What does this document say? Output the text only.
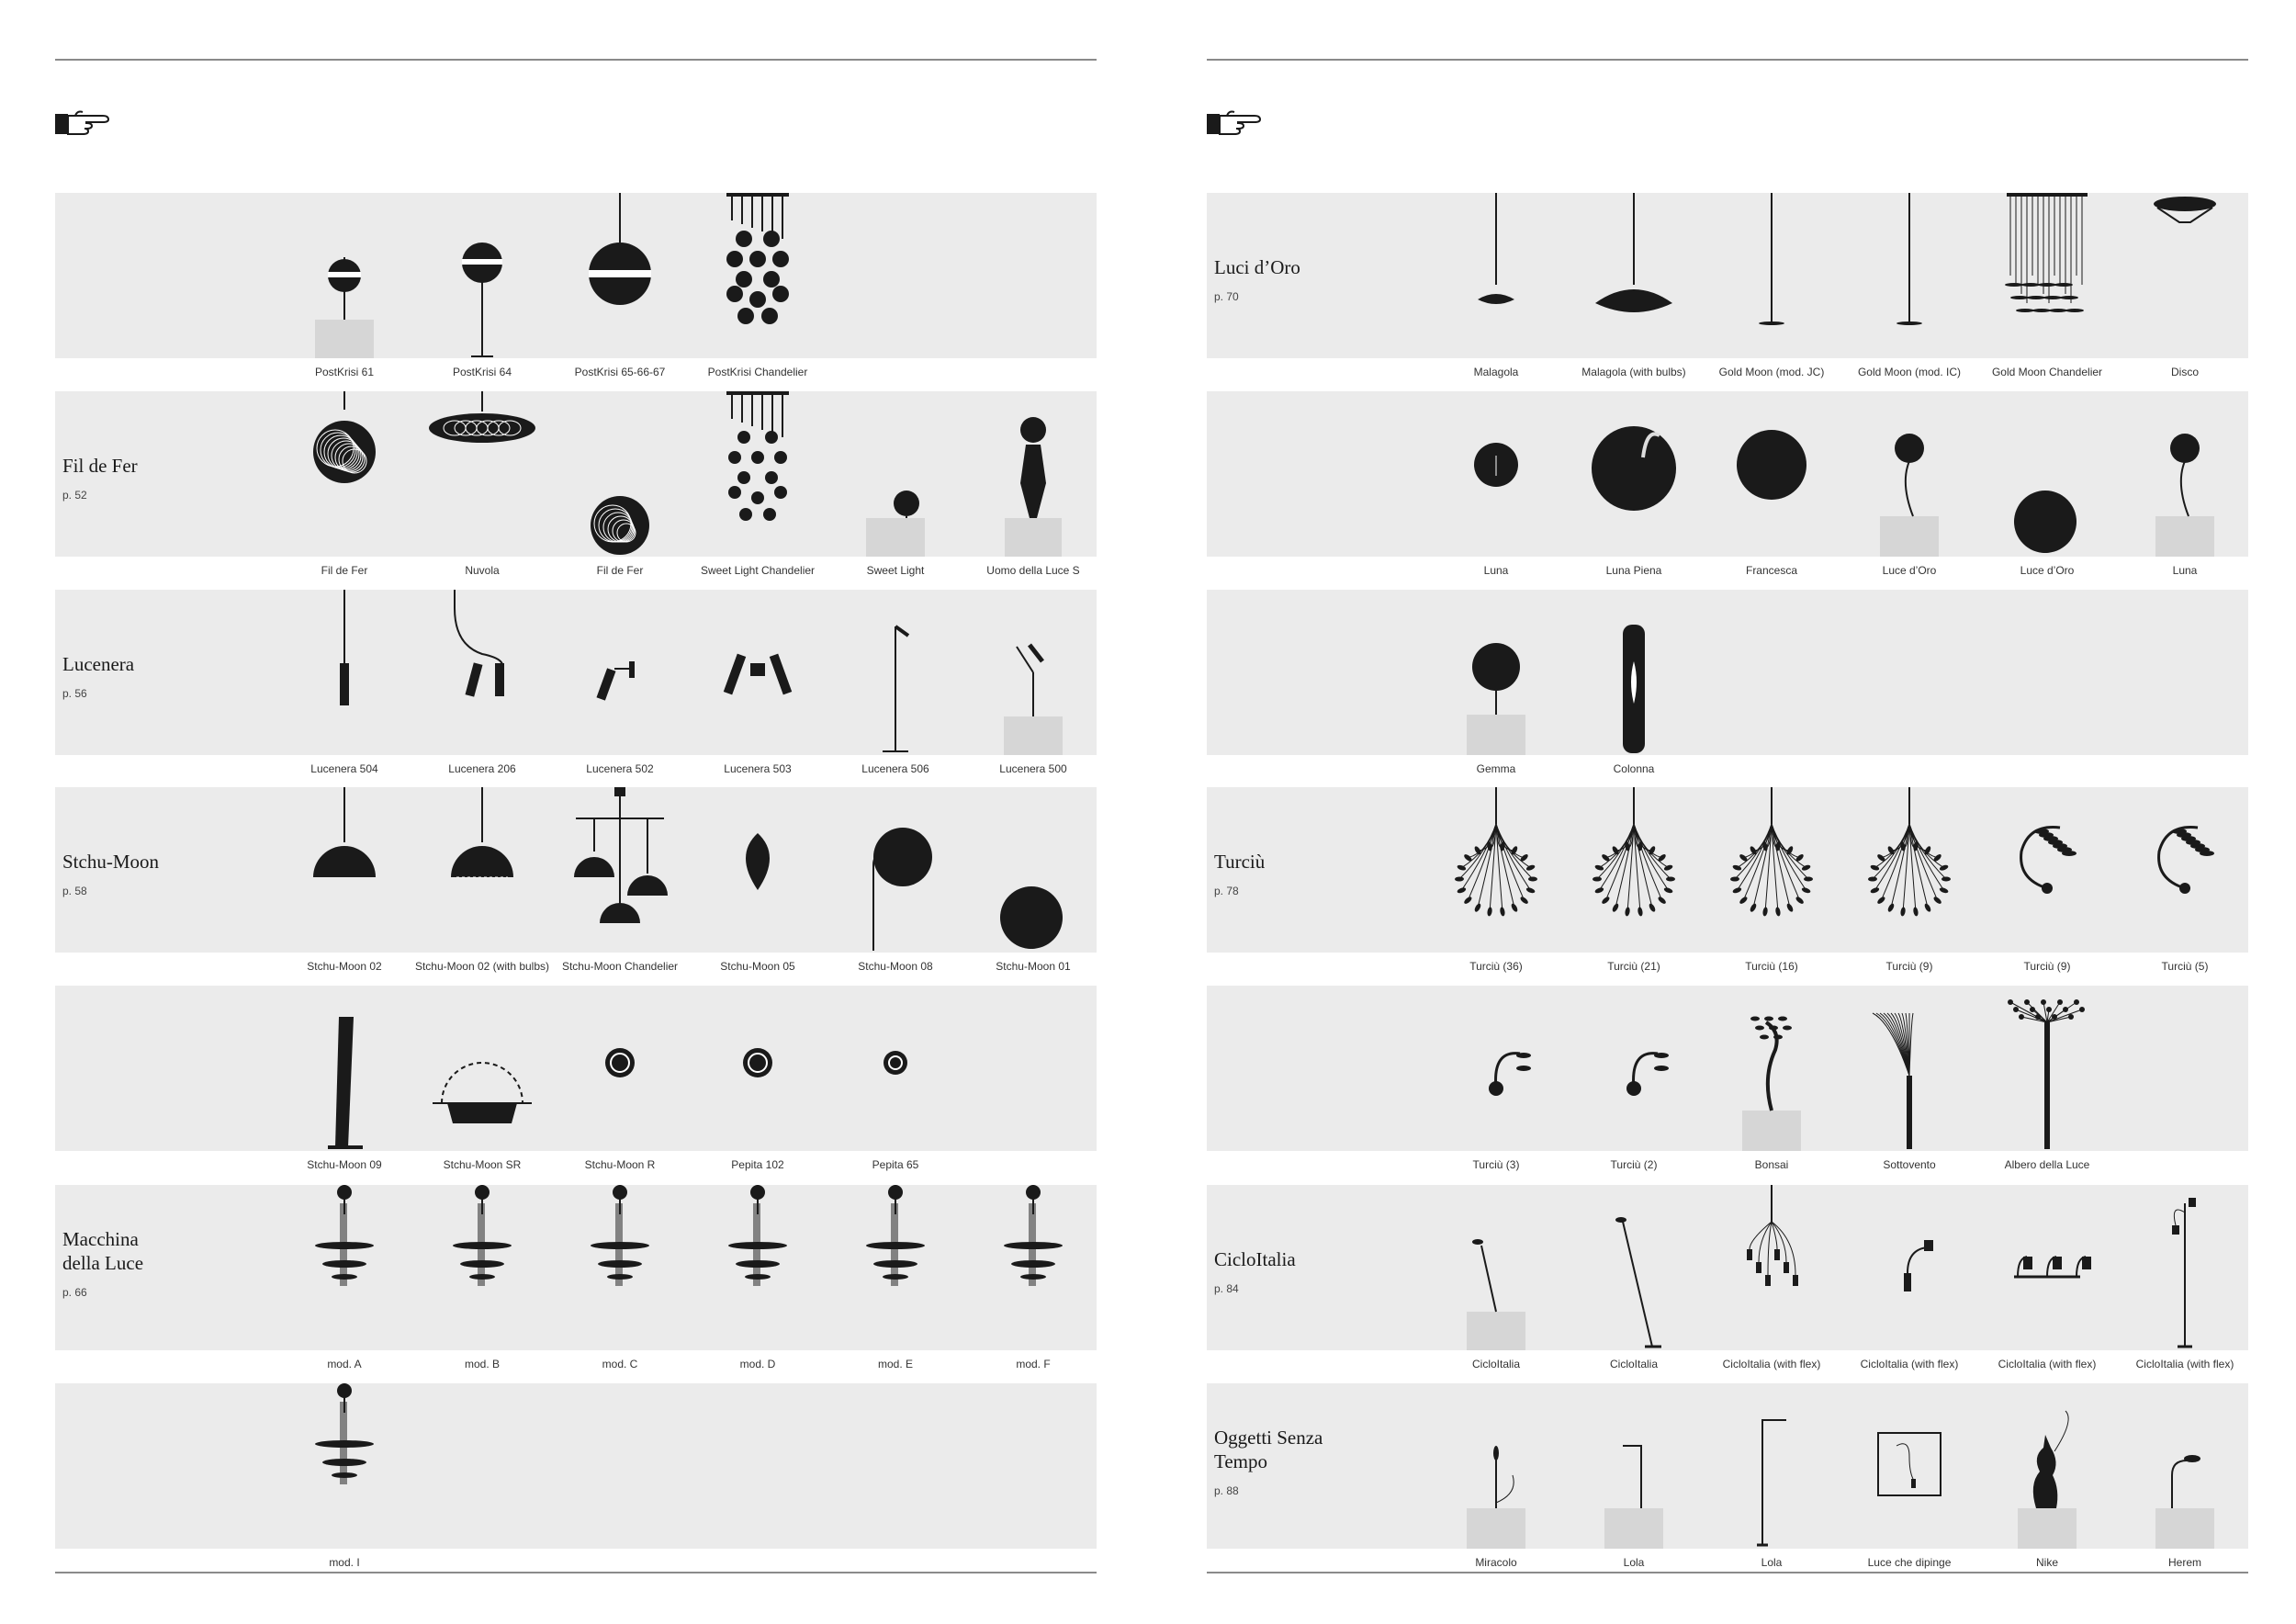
PostKrisi 61	PostKrisi 64	PostKrisi 65-66-67	PostKrisi Chandelier
Fil de Fer
p. 52
Fil de Fer	Nuvola	Fil de Fer	Sweet Light Chandelier	Sweet Light	Uomo della Luce S
Lucenera
p. 56
Lucenera 504	Lucenera 206	Lucenera 502	Lucenera 503	Lucenera 506	Lucenera 500
Stchu-Moon
p. 58
Stchu-Moon 02	Stchu-Moon 02 (with bulbs)	Stchu-Moon Chandelier	Stchu-Moon 05	Stchu-Moon 08	Stchu-Moon 01
Stchu-Moon 09	Stchu-Moon SR	Stchu-Moon R	Pepita 102	Pepita 65
Macchina
della Luce
p. 66
mod. A	mod. B	mod. C	mod. D	mod. E	mod. F
mod. I
Luci d’Oro
p. 70
Malagola	Malagola (with bulbs)	Gold Moon (mod. JC)	Gold Moon (mod. IC)	Gold Moon Chandelier	Disco
Luna	Luna Piena	Francesca	Luce d’Oro	Luce d’Oro	Luna
Gemma	Colonna
Turciù
p. 78
Turciù (36)	Turciù (21)	Turciù (16)	Turciù (9)	Turciù (9)	Turciù (5)
Turciù (3)	Turciù (2)	Bonsai	Sottovento	Albero della Luce
CicloItalia
p. 84
CicloItalia	CicloItalia	CicloItalia (with flex)	CicloItalia (with flex)	CicloItalia (with flex)	CicloItalia (with flex)
Oggetti Senza
Tempo
p. 88
Miracolo	Lola	Lola	Luce che dipinge	Nike	Herem
